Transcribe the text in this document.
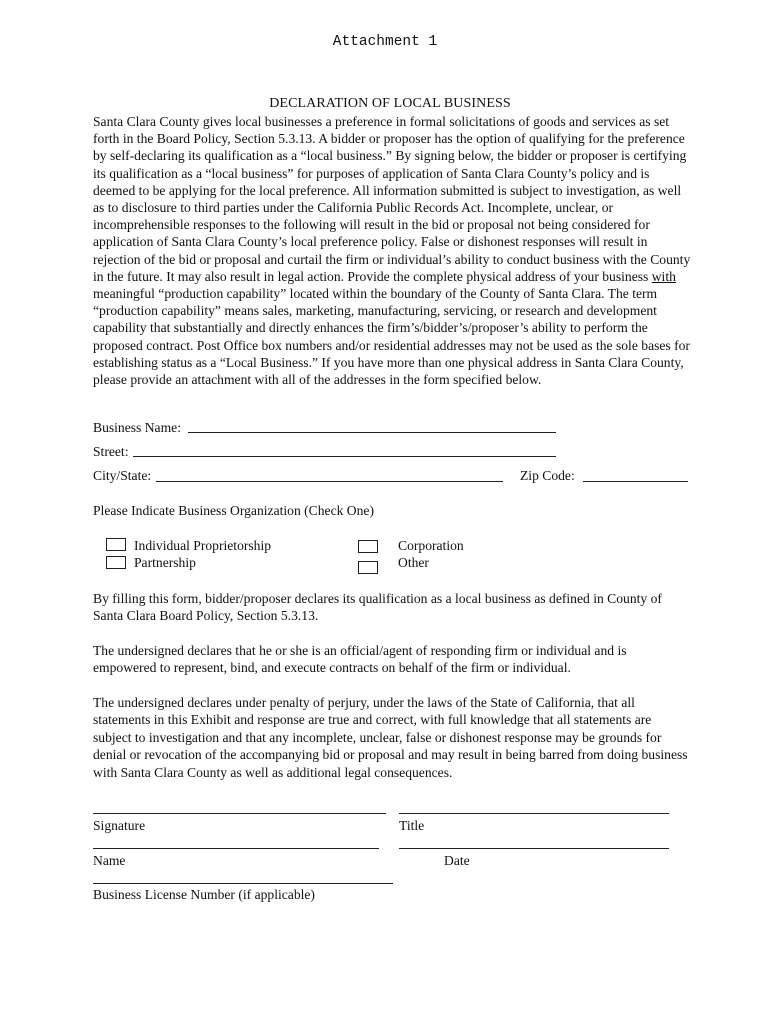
Attachment 1
DECLARATION OF LOCAL BUSINESS
Santa Clara County gives local businesses a preference in formal solicitations of goods and services as set forth in the Board Policy, Section 5.3.13. A bidder or proposer has the option of qualifying for the preference by self-declaring its qualification as a “local business.” By signing below, the bidder or proposer is certifying its qualification as a “local business” for purposes of application of Santa Clara County’s policy and is deemed to be applying for the local preference. All information submitted is subject to investigation, as well as to disclosure to third parties under the California Public Records Act. Incomplete, unclear, or incomprehensible responses to the following will result in the bid or proposal not being considered for application of Santa Clara County’s local preference policy. False or dishonest responses will result in rejection of the bid or proposal and curtail the firm or individual’s ability to conduct business with the County in the future. It may also result in legal action. Provide the complete physical address of your business with meaningful “production capability” located within the boundary of the County of Santa Clara. The term “production capability” means sales, marketing, manufacturing, servicing, or research and development capability that substantially and directly enhances the firm’s/bidder’s/proposer’s ability to perform the proposed contract. Post Office box numbers and/or residential addresses may not be used as the sole bases for establishing status as a “Local Business.” If you have more than one physical address in Santa Clara County, please provide an attachment with all of the addresses in the form specified below.
Business Name:
Street:
City/State:	Zip Code:
Please Indicate Business Organization (Check One)
Individual Proprietorship
Partnership
Corporation
Other
By filling this form, bidder/proposer declares its qualification as a local business as defined in County of Santa Clara Board Policy, Section 5.3.13.
The undersigned declares that he or she is an official/agent of responding firm or individual and is empowered to represent, bind, and execute contracts on behalf of the firm or individual.
The undersigned declares under penalty of perjury, under the laws of the State of California, that all statements in this Exhibit and response are true and correct, with full knowledge that all statements are subject to investigation and that any incomplete, unclear, false or dishonest response may be grounds for denial or revocation of the accompanying bid or proposal and may result in being barred from doing business with Santa Clara County as well as additional legal consequences.
Signature	Title
Name	Date
Business License Number (if applicable)
